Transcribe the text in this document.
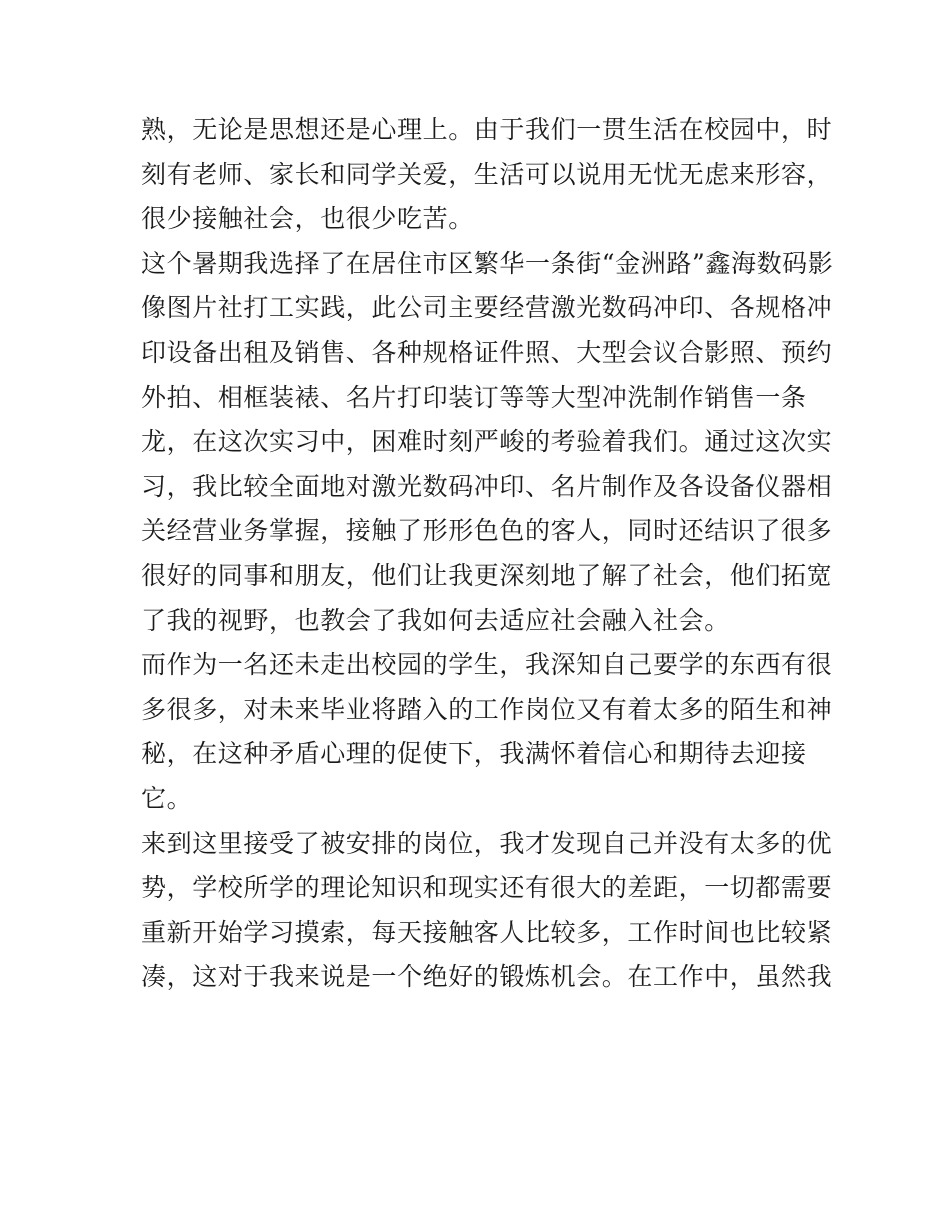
熟，无论是思想还是心理上。由于我们一贯生活在校园中，时
刻有老师、家长和同学关爱，生活可以说用无忧无虑来形容，
很少接触社会，也很少吃苦。
这个暑期我选择了在居住市区繁华一条街“金洲路”鑫海数码影
像图片社打工实践，此公司主要经营激光数码冲印、各规格冲
印设备出租及销售、各种规格证件照、大型会议合影照、预约
外拍、相框装裱、名片打印装订等等大型冲洗制作销售一条
龙，在这次实习中，困难时刻严峻的考验着我们。通过这次实
习，我比较全面地对激光数码冲印、名片制作及各设备仪器相
关经营业务掌握，接触了形形色色的客人，同时还结识了很多
很好的同事和朋友，他们让我更深刻地了解了社会，他们拓宽
了我的视野，也教会了我如何去适应社会融入社会。
而作为一名还未走出校园的学生，我深知自己要学的东西有很
多很多，对未来毕业将踏入的工作岗位又有着太多的陌生和神
秘，在这种矛盾心理的促使下，我满怀着信心和期待去迎接
它。
来到这里接受了被安排的岗位，我才发现自己并没有太多的优
势，学校所学的理论知识和现实还有很大的差距，一切都需要
重新开始学习摸索，每天接触客人比较多，工作时间也比较紧
凑，这对于我来说是一个绝好的锻炼机会。在工作中，虽然我
